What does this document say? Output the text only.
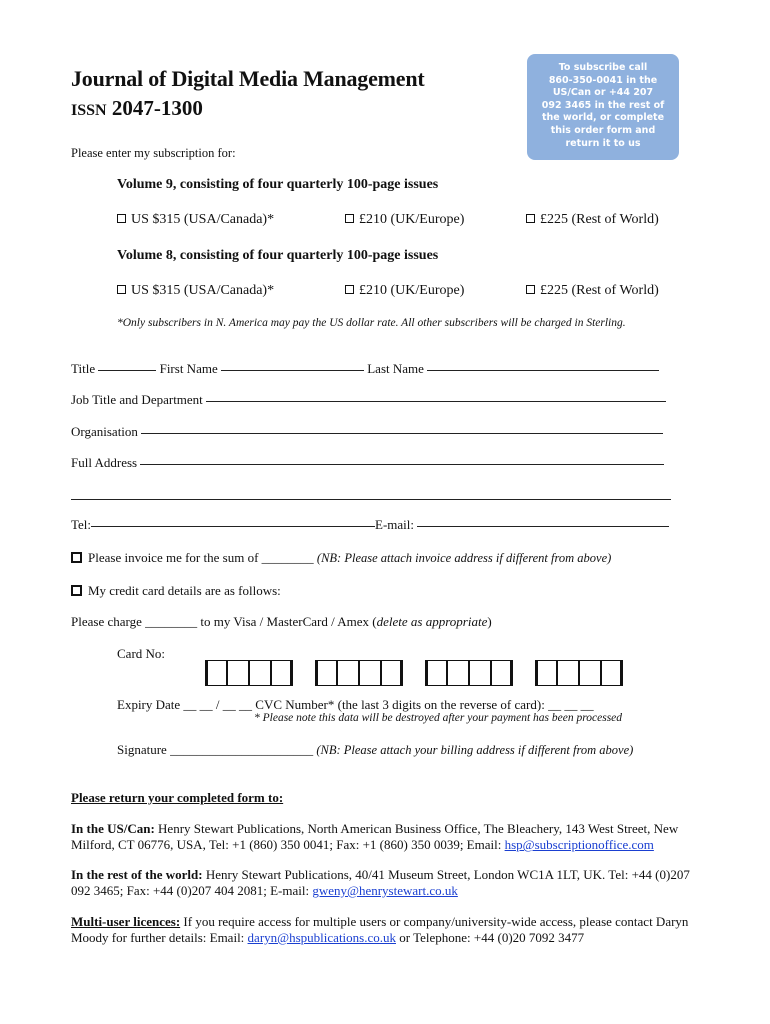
Journal of Digital Media Management
ISSN 2047-1300
To subscribe call
860-350-0041 in the
US/Can or +44 207
092 3465 in the rest of
the world, or complete
this order form and
return it to us
Please enter my subscription for:
Volume 9, consisting of four quarterly 100-page issues
US $315 (USA/Canada)*	£210 (UK/Europe)	£225 (Rest of World)
Volume 8, consisting of four quarterly 100-page issues
US $315 (USA/Canada)*	£210 (UK/Europe)	£225 (Rest of World)
*Only subscribers in N. America may pay the US dollar rate. All other subscribers will be charged in Sterling.
Title	First Name	Last Name
Job Title and Department
Organisation
Full Address
Tel:	E-mail:
Please invoice me for the sum of ________ (NB: Please attach invoice address if different from above)
My credit card details are as follows:
Please charge ________ to my Visa / MasterCard / Amex (delete as appropriate)
Card No:
Expiry Date __ __ / __ __ CVC Number* (the last 3 digits on the reverse of card): __ __ __
* Please note this data will be destroyed after your payment has been processed
Signature ______________________ (NB: Please attach your billing address if different from above)
Please return your completed form to:
In the US/Can: Henry Stewart Publications, North American Business Office, The Bleachery, 143 West Street, New Milford, CT 06776, USA, Tel: +1 (860) 350 0041; Fax: +1 (860) 350 0039; Email: hsp@subscriptionoffice.com
In the rest of the world: Henry Stewart Publications, 40/41 Museum Street, London WC1A 1LT, UK. Tel: +44 (0)207 092 3465; Fax: +44 (0)207 404 2081; E-mail: gweny@henrystewart.co.uk
Multi-user licences: If you require access for multiple users or company/university-wide access, please contact Daryn Moody for further details: Email: daryn@hspublications.co.uk or Telephone: +44 (0)20 7092 3477
